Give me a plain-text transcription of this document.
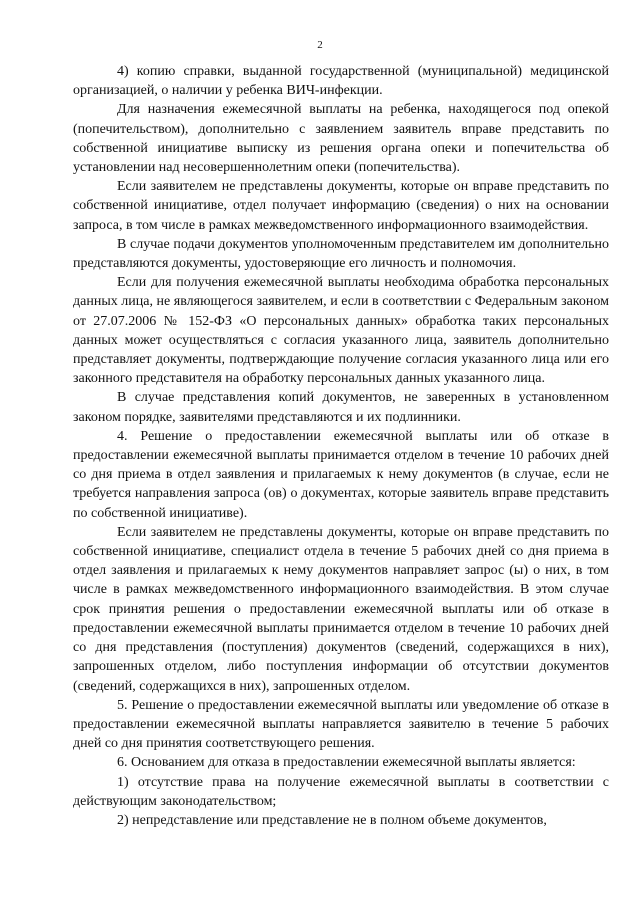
2

4) копию справки, выданной государственной (муниципальной) медицинской организацией, о наличии у ребенка ВИЧ-инфекции.

Для назначения ежемесячной выплаты на ребенка, находящегося под опекой (попечительством), дополнительно с заявлением заявитель вправе представить по собственной инициативе выписку из решения органа опеки и попечительства об установлении над несовершеннолетним опеки (попечительства).

Если заявителем не представлены документы, которые он вправе представить по собственной инициативе, отдел получает информацию (сведения) о них на основании запроса, в том числе в рамках межведомственного информационного взаимодействия.

В случае подачи документов уполномоченным представителем им дополнительно представляются документы, удостоверяющие его личность и полномочия.

Если для получения ежемесячной выплаты необходима обработка персональных данных лица, не являющегося заявителем, и если в соответствии с Федеральным законом от 27.07.2006 № 152-ФЗ «О персональных данных» обработка таких персональных данных может осуществляться с согласия указанного лица, заявитель дополнительно представляет документы, подтверждающие получение согласия указанного лица или его законного представителя на обработку персональных данных указанного лица.

В случае представления копий документов, не заверенных в установленном законом порядке, заявителями представляются и их подлинники.

4. Решение о предоставлении ежемесячной выплаты или об отказе в предоставлении ежемесячной выплаты принимается отделом в течение 10 рабочих дней со дня приема в отдел заявления и прилагаемых к нему документов (в случае, если не требуется направления запроса (ов) о документах, которые заявитель вправе представить по собственной инициативе).

Если заявителем не представлены документы, которые он вправе представить по собственной инициативе, специалист отдела в течение 5 рабочих дней со дня приема в отдел заявления и прилагаемых к нему документов направляет запрос (ы) о них, в том числе в рамках межведомственного информационного взаимодействия. В этом случае срок принятия решения о предоставлении ежемесячной выплаты или об отказе в предоставлении ежемесячной выплаты принимается отделом в течение 10 рабочих дней со дня представления (поступления) документов (сведений, содержащихся в них), запрошенных отделом, либо поступления информации об отсутствии документов (сведений, содержащихся в них), запрошенных отделом.

5. Решение о предоставлении ежемесячной выплаты или уведомление об отказе в предоставлении ежемесячной выплаты направляется заявителю в течение 5 рабочих дней со дня принятия соответствующего решения.

6. Основанием для отказа в предоставлении ежемесячной выплаты является:

1) отсутствие права на получение ежемесячной выплаты в соответствии с действующим законодательством;

2) непредставление или представление не в полном объеме документов,
